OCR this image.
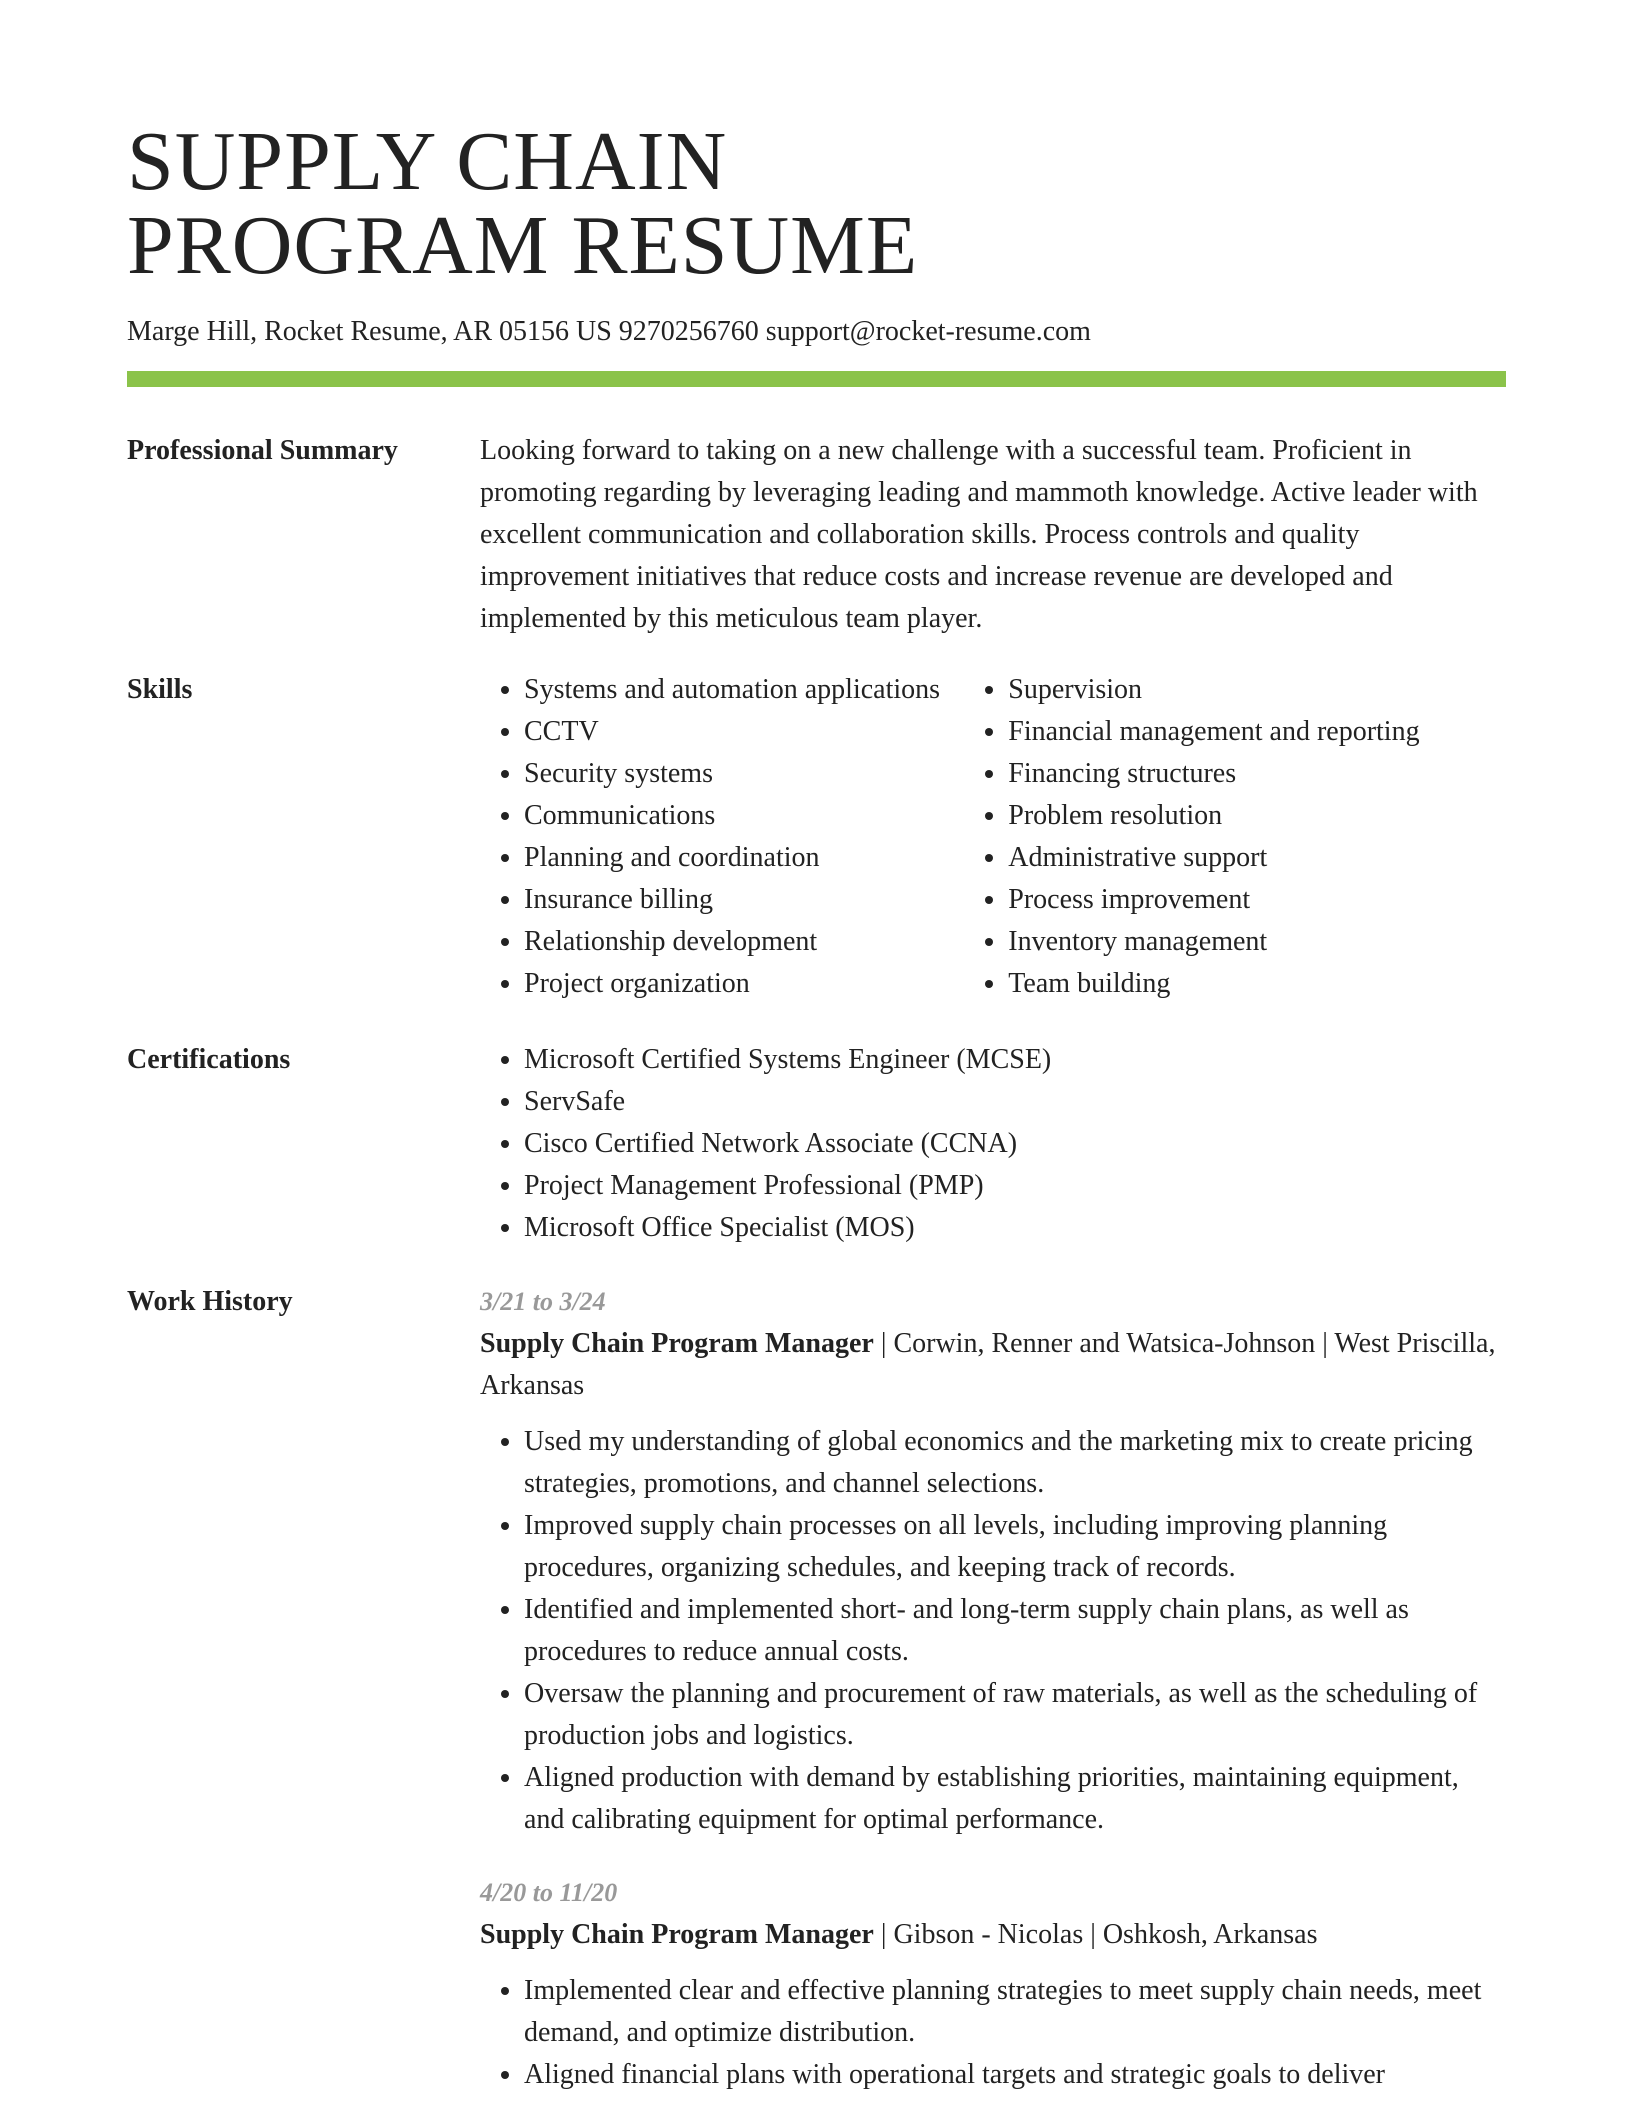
SUPPLY CHAIN
PROGRAM RESUME
Marge Hill, Rocket Resume, AR 05156 US 9270256760 support@rocket-resume.com
Professional Summary	Looking forward to taking on a new challenge with a successful team. Proficient in promoting regarding by leveraging leading and mammoth knowledge. Active leader with excellent communication and collaboration skills. Process controls and quality improvement initiatives that reduce costs and increase revenue are developed and implemented by this meticulous team player.
Skills	• Systems and automation applications
• CCTV
• Security systems
• Communications
• Planning and coordination
• Insurance billing
• Relationship development
• Project organization
• Supervision
• Financial management and reporting
• Financing structures
• Problem resolution
• Administrative support
• Process improvement
• Inventory management
• Team building
Certifications	• Microsoft Certified Systems Engineer (MCSE)
• ServSafe
• Cisco Certified Network Associate (CCNA)
• Project Management Professional (PMP)
• Microsoft Office Specialist (MOS)
Work History	3/21 to 3/24
Supply Chain Program Manager | Corwin, Renner and Watsica-Johnson | West Priscilla, Arkansas
• Used my understanding of global economics and the marketing mix to create pricing strategies, promotions, and channel selections.
• Improved supply chain processes on all levels, including improving planning procedures, organizing schedules, and keeping track of records.
• Identified and implemented short- and long-term supply chain plans, as well as procedures to reduce annual costs.
• Oversaw the planning and procurement of raw materials, as well as the scheduling of production jobs and logistics.
• Aligned production with demand by establishing priorities, maintaining equipment, and calibrating equipment for optimal performance.
4/20 to 11/20
Supply Chain Program Manager | Gibson - Nicolas | Oshkosh, Arkansas
• Implemented clear and effective planning strategies to meet supply chain needs, meet demand, and optimize distribution.
• Aligned financial plans with operational targets and strategic goals to deliver
